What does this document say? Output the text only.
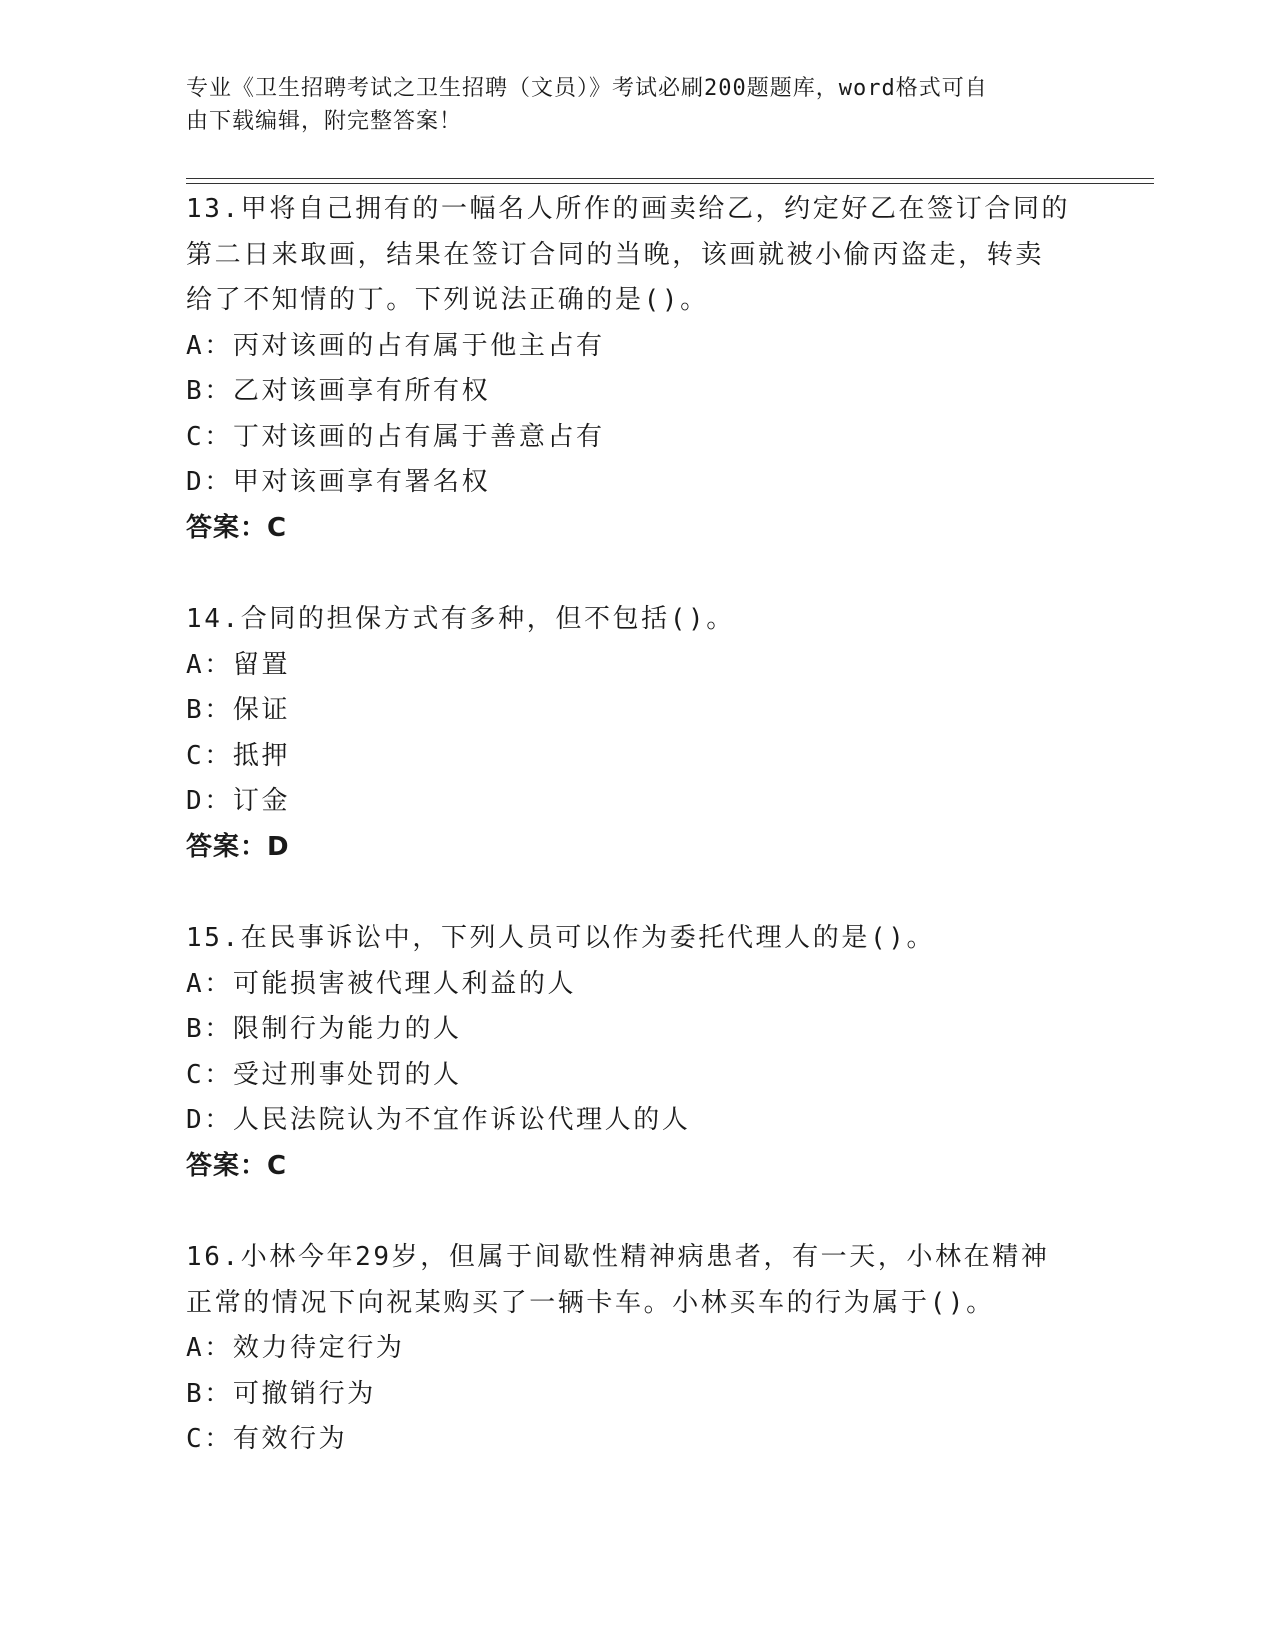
专业《卫生招聘考试之卫生招聘（文员）》考试必刷200题题库，word格式可自
由下载编辑，附完整答案！
13.甲将自己拥有的一幅名人所作的画卖给乙，约定好乙在签订合同的
第二日来取画，结果在签订合同的当晚，该画就被小偷丙盗走，转卖
给了不知情的丁。下列说法正确的是()。
A：丙对该画的占有属于他主占有
B：乙对该画享有所有权
C：丁对该画的占有属于善意占有
D：甲对该画享有署名权
答案：C
14.合同的担保方式有多种，但不包括()。
A：留置
B：保证
C：抵押
D：订金
答案：D
15.在民事诉讼中，下列人员可以作为委托代理人的是()。
A：可能损害被代理人利益的人
B：限制行为能力的人
C：受过刑事处罚的人
D：人民法院认为不宜作诉讼代理人的人
答案：C
16.小林今年29岁，但属于间歇性精神病患者，有一天，小林在精神
正常的情况下向祝某购买了一辆卡车。小林买车的行为属于()。
A：效力待定行为
B：可撤销行为
C：有效行为
